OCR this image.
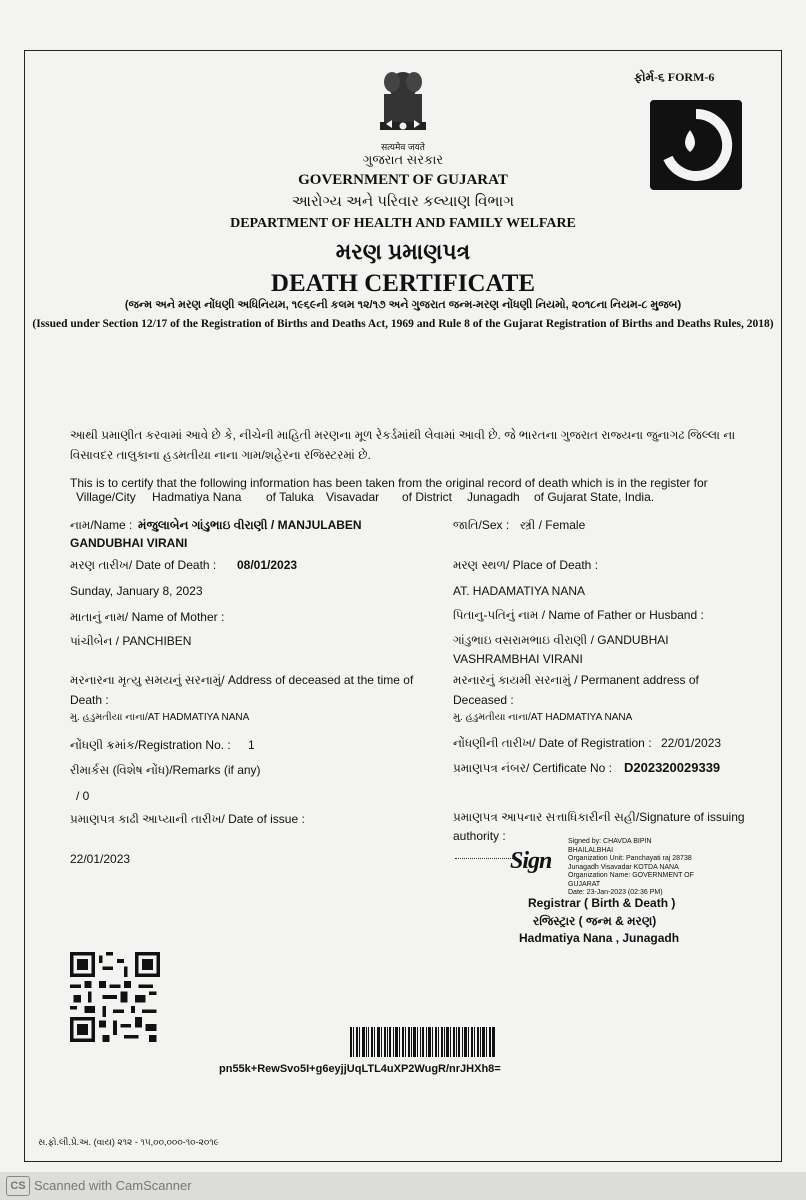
ફોર્મ-૬ FORM-6
सत्यमेव जयते
ગુજરાત સરકાર
GOVERNMENT OF GUJARAT
આરોગ્ય અને પરિવાર કલ્યાણ વિભાગ
DEPARTMENT OF HEALTH AND FAMILY WELFARE
મરણ પ્રમાણપત્ર
DEATH CERTIFICATE
(જન્મ અને મરણ નોંધણી અધિનિયમ, ૧૯૬૯ની કલમ ૧૨/૧૭ અને ગુજરાત જન્મ-મરણ નોંધણી નિયમો, ૨૦૧૮ના નિયમ-૮ મુજબ)
(Issued under Section 12/17 of the Registration of Births and Deaths Act, 1969 and Rule 8 of the Gujarat Registration of Births and Deaths Rules, 2018)
આથી પ્રમાણીત કરવામાં આવે છે કે, નીચેની માહિતી મરણના મૂળ રેકર્ડમાંથી લેવામાં આવી છે. જે ભારતના ગુજરાત રાજ્યના જુનાગઢ જિલ્લા ના
વિસાવદર તાલુકાના હડમતીયા નાના ગામ/શહેરના રજિસ્ટરમાં છે.
This is to certify that the following information has been taken from the original record of death which is in the register for
Village/City Hadmatiya Nana of Taluka Visavadar of District Junagadh of Gujarat State, India.
નામ/Name : મંજુલાબેન ગાંડુભાઇ વીરાણી / MANJULABEN
GANDUBHAI VIRANI
મરણ તારીખ/ Date of Death : 08/01/2023
Sunday, January 8, 2023
માતાનું નામ/ Name of Mother :
પાંચીબેન / PANCHIBEN
મરનારના મૃત્યુ સમયનું સરનામું/ Address of deceased at the time of
Death :
મુ. હડુમતીયા નાના/AT HADMATIYA NANA
નોંધણી ક્રમાંક/Registration No. : 1
રીમાર્કસ (વિશેષ નોંધ)/Remarks (if any)
/ 0
પ્રમાણપત્ર કાઢી આપ્યાની તારીખ/ Date of issue :
22/01/2023
જાતિ/Sex : સ્ત્રી / Female
મરણ સ્થળ/ Place of Death :
AT. HADAMATIYA NANA
પિતાનુ-પતિનું નામ / Name of Father or Husband :
ગાંડુભાઇ વસરામભાઇ વીરાણી / GANDUBHAI
VASHRAMBHAI VIRANI
મરનારનું કાયમી સરનામું / Permanent address of
Deceased :
મુ. હડુમતીયા નાના/AT HADMATIYA NANA
નોંધણીની તારીખ/ Date of Registration : 22/01/2023
પ્રમાણપત્ર નંબર/ Certificate No : D202320029339
પ્રમાણપત્ર આપનાર સત્તાધિકારીની સહી/Signature of issuing
authority :
Sign
Signed by: CHAVDA BIPIN
BHAILALBHAI
Organization Unit: Panchayati raj 28738
Junagadh Visavadar KOTDA NANA
Organization Name: GOVERNMENT OF
GUJARAT
Date: 23-Jan-2023 (02:36 PM)
Registrar ( Birth & Death )
રજિસ્ટ્રાર ( જન્મ & મરણ)
Hadmatiya Nana , Junagadh
pn55k+RewSvo5I+g6eyjjUqLTL4uXP2WugR/nrJHXh8=
સ.ફો.લી.પ્રે.અ. (વાય) ૨૧૨ - ૧૫,૦૦,૦૦૦-૧૦-૨૦૧૯
CS Scanned with CamScanner
